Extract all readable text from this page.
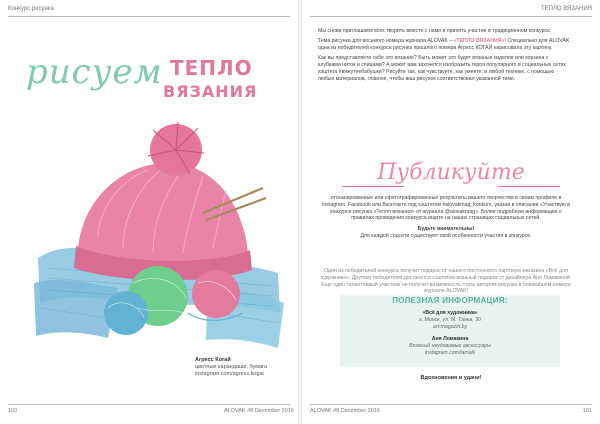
Конкурс рисунка
рисуем ТЕПЛО
ВЯЗАНИЯ
Агресс Когай
цветные карандаши, бумага
instagram.com/agress.kogai
160	ALOVAK #8 December 2016
ТЕПЛО ВЯЗАНИЯ

Мы снова приглашаем всех творить вместе с нами и принять участие в традиционном конкурсе.

Тема рисунка для восьмого номера журнала ALOVAK – «ТЕПЛО ВЯЗАНИЯ»! Специально для ALOVAK одна из победителей конкурса рисунка прошлого номера Агресс КОГАЙ нарисовала эту картину.

Как вы представляете себе это вязание? Быть может это будет вязаные изделия или корзина с клубками ниток и спицами? А может вам захочется изобразить героя популярного в социальных сетях хэштега #вяжутнебабушки? Рисуйте так, как чувствуете, как умеете: в любой технике, с помощью любых материалов, главное, чтобы ваш рисунок соответствовал указанной теме.

Публикуйте

отсканированные или сфотографированные результаты вашего творчества в своем профиле в Instagram, Facebook или Вконтакте под хэштегом #alovakmag_konkurs, указав в описании «Участвую в конкурсе рисунка «Тепло вязания» от журнала @alovakmag». Более подробную информацию о правилах проведения конкурса ищите на наших страницах социальных сетей.

Будьте внимательны!
Для каждой соцсети существует свой особенности участия в конкурсе.

Один из победителей конкурса получит подарок от нашего постоянного партнера магазина «Всё для художника». Другому победителю достанется хэштегом вязаный подарок от дизайнера Ани Ломакиной. Еще один талантливый участник не получит возможность стать автором рисунка в ближайшем номере журнала ALOVAK!
ПОЛЕЗНАЯ ИНФОРМАЦИЯ:
«Всё для художника»
г. Минск, ул. М. Танка, 30
art-magazin.by
Аня Ломакина
Вязаный неудовимые аксессуары
instagram.com/lamalii
Вдохновения и удачи!
ALOVAK #8 December 2016	161
